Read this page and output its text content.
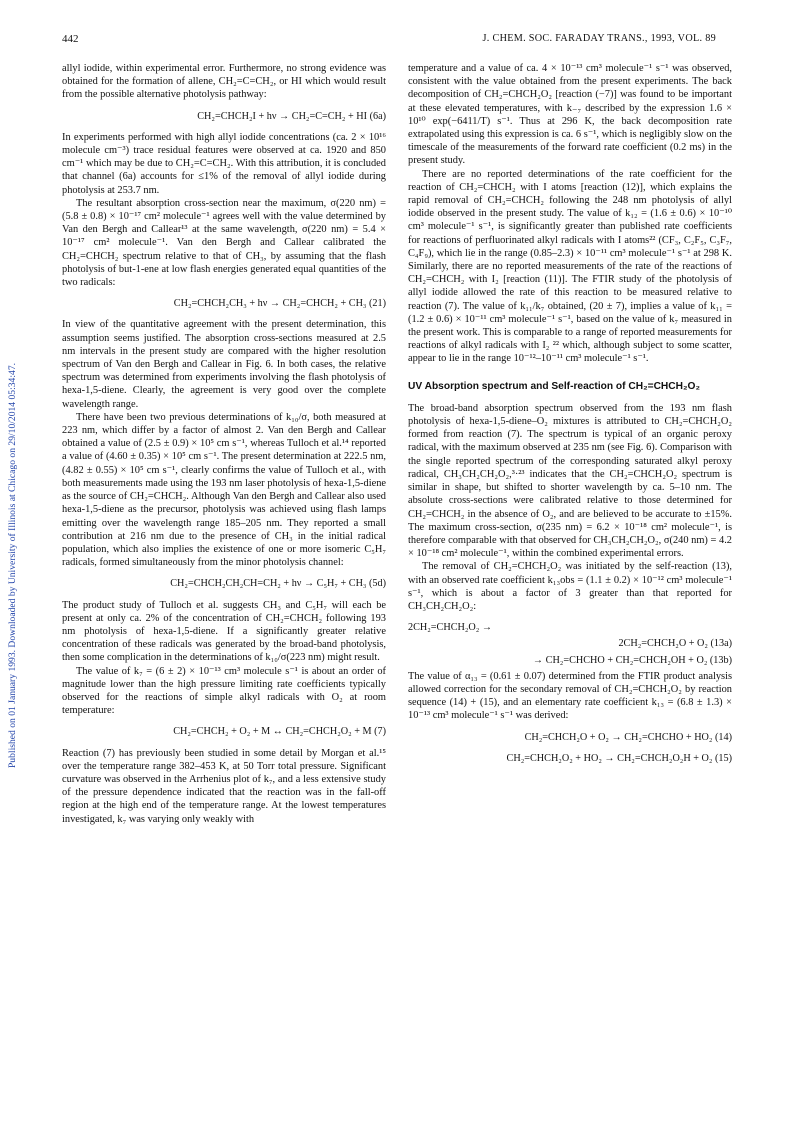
442	J. CHEM. SOC. FARADAY TRANS., 1993, VOL. 89
Published on 01 January 1993. Downloaded by University of Illinois at Chicago on 29/10/2014 05:34:47.

allyl iodide, within experimental error. Furthermore, no strong evidence was obtained for the formation of allene, CH₂=C=CH₂, or HI which would result from the possible alternative photolysis pathway:

CH₂=CHCH₂I + hν → CH₂=C=CH₂ + HI (6a)

In experiments performed with high allyl iodide concentrations (ca. 2 × 10¹⁶ molecule cm⁻³) trace residual features were observed at ca. 1920 and 850 cm⁻¹ which may be due to CH₂=C=CH₂. With this attribution, it is concluded that channel (6a) accounts for ≤1% of the removal of allyl iodide during photolysis at 253.7 nm.

The resultant absorption cross-section near the maximum, σ(220 nm) = (5.8 ± 0.8) × 10⁻¹⁷ cm² molecule⁻¹ agrees well with the value determined by Van den Bergh and Callear¹³ at the same wavelength, σ(220 nm) = 5.4 × 10⁻¹⁷ cm² molecule⁻¹. Van den Bergh and Callear calibrated the CH₂=CHCH₂ spectrum relative to that of CH₃, by assuming that the flash photolysis of but-1-ene at low flash energies generated equal quantities of the two radicals:

CH₂=CHCH₂CH₃ + hν → CH₂=CHCH₂ + CH₃ (21)

In view of the quantitative agreement with the present determination, this assumption seems justified. The absorption cross-sections measured at 2.5 nm intervals in the present study are compared with the higher resolution spectrum of Van den Bergh and Callear in Fig. 6. In both cases, the relative spectrum was determined from experiments involving the flash photolysis of hexa-1,5-diene. Clearly, the agreement is very good over the complete wavelength range.

There have been two previous determinations of k₁₀/σ, both measured at 223 nm, which differ by a factor of almost 2. Van den Bergh and Callear obtained a value of (2.5 ± 0.9) × 10⁵ cm s⁻¹, whereas Tulloch et al.¹⁴ reported a value of (4.60 ± 0.35) × 10⁵ cm s⁻¹. The present determination at 222.5 nm, (4.82 ± 0.55) × 10⁵ cm s⁻¹, clearly confirms the value of Tulloch et al., with both measurements made using the 193 nm laser photolysis of hexa-1,5-diene as the source of CH₂=CHCH₂. Although Van den Bergh and Callear also used hexa-1,5-diene as the precursor, photolysis was achieved using flash lamps emitting over the wavelength range 185–205 nm. They reported a small contribution at 216 nm due to the presence of CH₃ in the initial radical population, which also implies the existence of one or more isomeric C₅H₇ radicals, formed simultaneously from the minor photolysis channel:

CH₂=CHCH₂CH₂CH=CH₂ + hν → C₅H₇ + CH₃ (5d)

The product study of Tulloch et al. suggests CH₃ and C₅H₇ will each be present at only ca. 2% of the concentration of CH₂=CHCH₂ following 193 nm photolysis of hexa-1,5-diene. If a significantly greater relative concentration of these radicals was generated by the broad-band photolysis, then some complication in the determinations of k₁₀/σ(223 nm) might result.

The value of k₇ = (6 ± 2) × 10⁻¹³ cm³ molecule s⁻¹ is about an order of magnitude lower than the high pressure limiting rate coefficients typically observed for the reactions of simple alkyl radicals with O₂ at room temperature:

CH₂=CHCH₂ + O₂ + M ↔ CH₂=CHCH₂O₂ + M (7)

Reaction (7) has previously been studied in some detail by Morgan et al.¹⁵ over the temperature range 382–453 K, at 50 Torr total pressure. Significant curvature was observed in the Arrhenius plot of k₇, and a less extensive study of the pressure dependence indicated that the reaction was in the fall-off region at the high end of the temperature range. At the lowest temperatures investigated, k₇ was varying only weakly with

temperature and a value of ca. 4 × 10⁻¹³ cm³ molecule⁻¹ s⁻¹ was observed, consistent with the value obtained from the present experiments. The back decomposition of CH₂=CHCH₂O₂ [reaction (−7)] was found to be important at these elevated temperatures, with k₋₇ described by the expression 1.6 × 10¹⁰ exp(−6411/T) s⁻¹. Thus at 296 K, the back decomposition rate extrapolated using this expression is ca. 6 s⁻¹, which is negligibly slow on the timescale of the measurements of the forward rate coefficient (0.2 ms) in the present study.

There are no reported determinations of the rate coefficient for the reaction of CH₂=CHCH₂ with I atoms [reaction (12)], which explains the rapid removal of CH₂=CHCH₂ following the 248 nm photolysis of allyl iodide observed in the present study. The value of k₁₂ = (1.6 ± 0.6) × 10⁻¹⁰ cm³ molecule⁻¹ s⁻¹, is significantly greater than published rate coefficients for reactions of perfluorinated alkyl radicals with I atoms²² (CF₃, C₂F₅, C₃F₇, C₄F₉), which lie in the range (0.85–2.3) × 10⁻¹¹ cm³ molecule⁻¹ s⁻¹ at 298 K. Similarly, there are no reported measurements of the rate of the reactions of CH₂=CHCH₂ with I₂ [reaction (11)]. The FTIR study of the photolysis of allyl iodide allowed the rate of this reaction to be measured relative to reaction (7). The value of k₁₁/k₇ obtained, (20 ± 7), implies a value of k₁₁ = (1.2 ± 0.6) × 10⁻¹¹ cm³ molecule⁻¹ s⁻¹, based on the value of k₇ measured in the present work. This is comparable to a range of reported measurements for reactions of alkyl radicals with I₂ ²² which, although subject to some scatter, appear to lie in the range 10⁻¹²–10⁻¹¹ cm³ molecule⁻¹ s⁻¹.

UV Absorption spectrum and Self-reaction of CH₂=CHCH₂O₂

The broad-band absorption spectrum observed from the 193 nm flash photolysis of hexa-1,5-diene–O₂ mixtures is attributed to CH₂=CHCH₂O₂ formed from reaction (7). The spectrum is typical of an organic peroxy radical, with the maximum observed at 235 nm (see Fig. 6). Comparison with the single reported spectrum of the corresponding saturated alkyl peroxy radical, CH₃CH₂CH₂O₂,³·²³ indicates that the CH₂=CHCH₂O₂ spectrum is similar in shape, but shifted to shorter wavelength by ca. 5–10 nm. The absolute cross-sections were calibrated relative to those determined for CH₂=CHCH₂ in the absence of O₂, and are believed to be accurate to ±15%. The maximum cross-section, σ(235 nm) = 6.2 × 10⁻¹⁸ cm² molecule⁻¹, is therefore comparable with that observed for CH₃CH₂CH₂O₂, σ(240 nm) = 4.2 × 10⁻¹⁸ cm² molecule⁻¹, within the combined experimental errors.

The removal of CH₂=CHCH₂O₂ was initiated by the self-reaction (13), with an observed rate coefficient k₁₃obs = (1.1 ± 0.2) × 10⁻¹² cm³ molecule⁻¹ s⁻¹, which is about a factor of 3 greater than that reported for CH₃CH₂CH₂O₂:

2CH₂=CHCH₂O₂ →
2CH₂=CHCH₂O + O₂ (13a)
→ CH₂=CHCHO + CH₂=CHCH₂OH + O₂ (13b)

The value of α₁₃ = (0.61 ± 0.07) determined from the FTIR product analysis allowed correction for the secondary removal of CH₂=CHCH₂O₂ by reaction sequence (14) + (15), and an elementary rate coefficient k₁₃ = (6.8 ± 1.3) × 10⁻¹³ cm³ molecule⁻¹ s⁻¹ was derived:

CH₂=CHCH₂O + O₂ → CH₂=CHCHO + HO₂ (14)
CH₂=CHCH₂O₂ + HO₂ → CH₂=CHCH₂O₂H + O₂ (15)
